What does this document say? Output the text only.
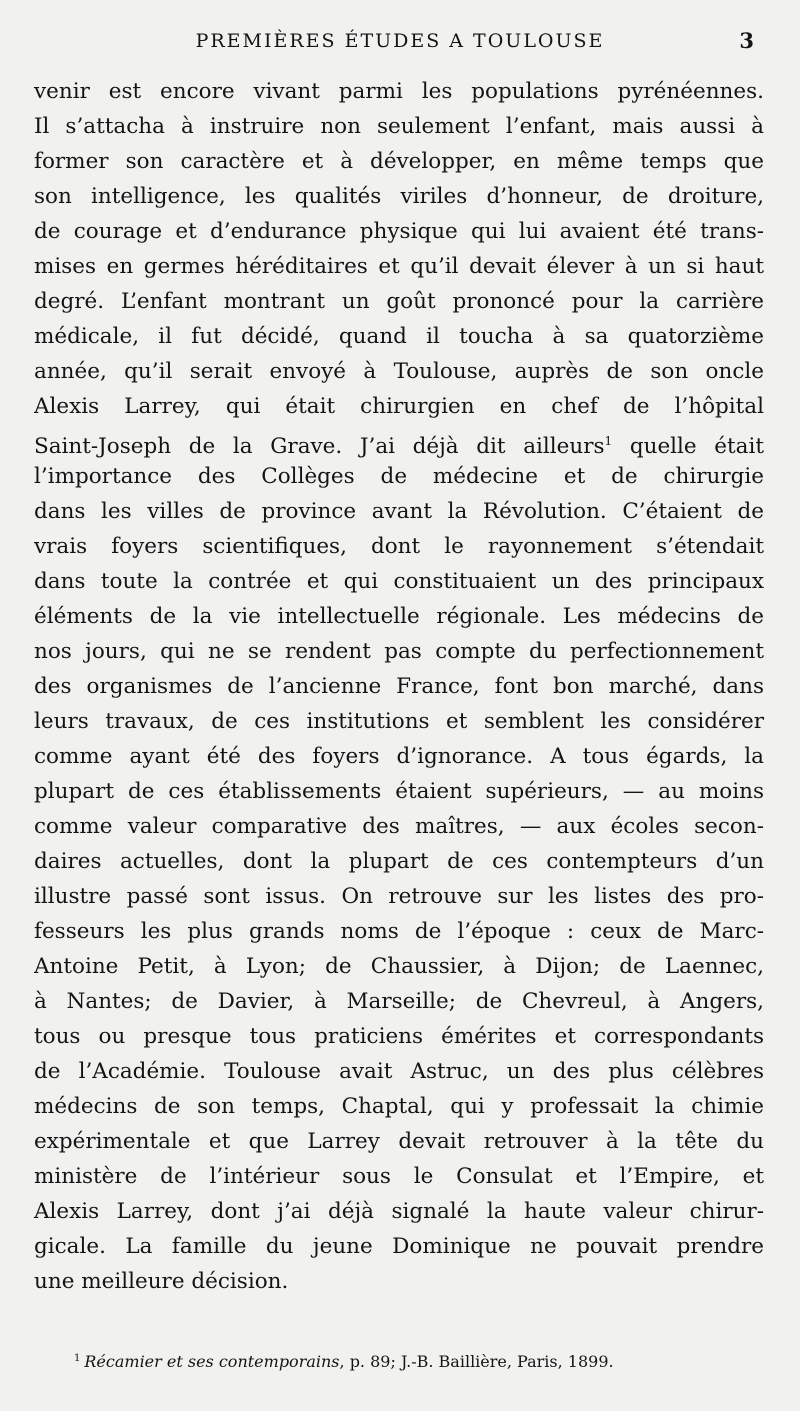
PREMIÈRES ÉTUDES A TOULOUSE	3
venir est encore vivant parmi les populations pyrénéennes.
Il s’attacha à instruire non seulement l’enfant, mais aussi à
former son caractère et à développer, en même temps que
son intelligence, les qualités viriles d’honneur, de droiture,
de courage et d’endurance physique qui lui avaient été trans-
mises en germes héréditaires et qu’il devait élever à un si haut
degré. L’enfant montrant un goût prononcé pour la carrière
médicale, il fut décidé, quand il toucha à sa quatorzième
année, qu’il serait envoyé à Toulouse, auprès de son oncle
Alexis Larrey, qui était chirurgien en chef de l’hôpital
Saint-Joseph de la Grave. J’ai déjà dit ailleurs$^1$ quelle était
l’importance des Collèges de médecine et de chirurgie
dans les villes de province avant la Révolution. C’étaient de
vrais foyers scientifiques, dont le rayonnement s’étendait
dans toute la contrée et qui constituaient un des principaux
éléments de la vie intellectuelle régionale. Les médecins de
nos jours, qui ne se rendent pas compte du perfectionnement
des organismes de l’ancienne France, font bon marché, dans
leurs travaux, de ces institutions et semblent les considérer
comme ayant été des foyers d’ignorance. A tous égards, la
plupart de ces établissements étaient supérieurs, — au moins
comme valeur comparative des maîtres, — aux écoles secon-
daires actuelles, dont la plupart de ces contempteurs d’un
illustre passé sont issus. On retrouve sur les listes des pro-
fesseurs les plus grands noms de l’époque : ceux de Marc-
Antoine Petit, à Lyon; de Chaussier, à Dijon; de Laennec,
à Nantes; de Davier, à Marseille; de Chevreul, à Angers,
tous ou presque tous praticiens émérites et correspondants
de l’Académie. Toulouse avait Astruc, un des plus célèbres
médecins de son temps, Chaptal, qui y professait la chimie
expérimentale et que Larrey devait retrouver à la tête du
ministère de l’intérieur sous le Consulat et l’Empire, et
Alexis Larrey, dont j’ai déjà signalé la haute valeur chirur-
gicale. La famille du jeune Dominique ne pouvait prendre
une meilleure décision.
$^1$ Récamier et ses contemporains, p. 89; J.-B. Baillière, Paris, 1899.
